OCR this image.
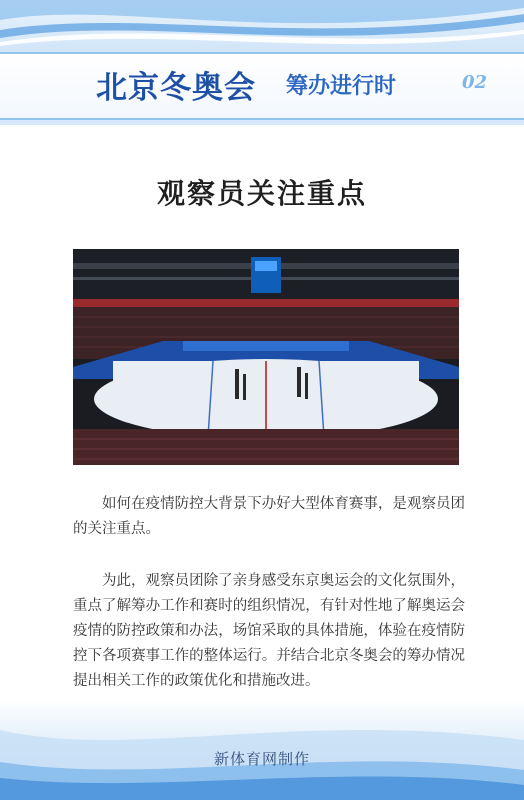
北京冬奥会 筹办进行时	02
观察员关注重点

如何在疫情防控大背景下办好大型体育赛事，是观察员团的关注重点。

为此，观察员团除了亲身感受东京奥运会的文化氛围外，重点了解筹办工作和赛时的组织情况，有针对性地了解奥运会疫情的防控政策和办法，场馆采取的具体措施，体验在疫情防控下各项赛事工作的整体运行。并结合北京冬奥会的筹办情况提出相关工作的政策优化和措施改进。

新体育网制作
